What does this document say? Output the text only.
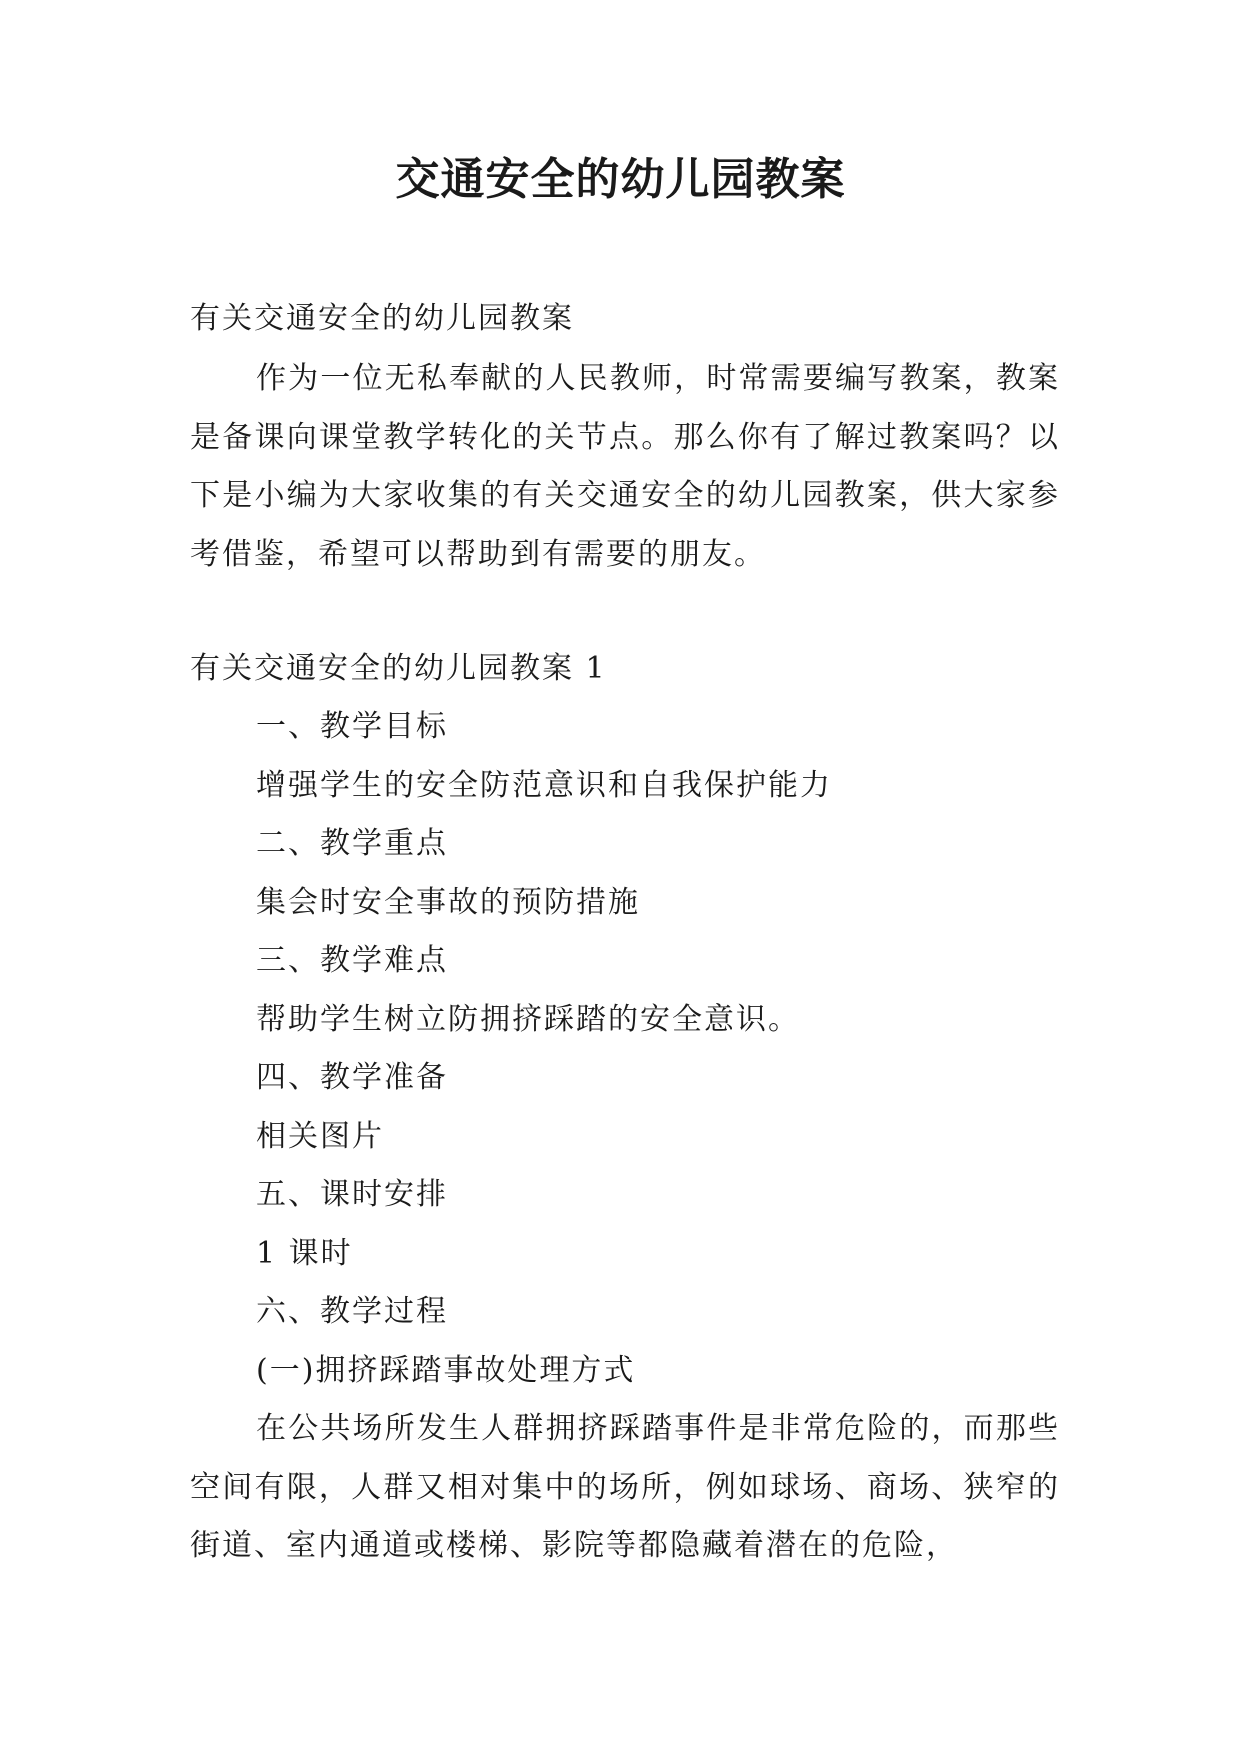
交通安全的幼儿园教案

有关交通安全的幼儿园教案

作为一位无私奉献的人民教师，时常需要编写教案，教案是备课向课堂教学转化的关节点。那么你有了解过教案吗？以下是小编为大家收集的有关交通安全的幼儿园教案，供大家参考借鉴，希望可以帮助到有需要的朋友。

有关交通安全的幼儿园教案 1

一、教学目标
增强学生的安全防范意识和自我保护能力
二、教学重点
集会时安全事故的预防措施
三、教学难点
帮助学生树立防拥挤踩踏的安全意识。
四、教学准备
相关图片
五、课时安排
1 课时
六、教学过程
(一)拥挤踩踏事故处理方式

在公共场所发生人群拥挤踩踏事件是非常危险的，而那些空间有限，人群又相对集中的场所，例如球场、商场、狭窄的街道、室内通道或楼梯、影院等都隐藏着潜在的危险，
